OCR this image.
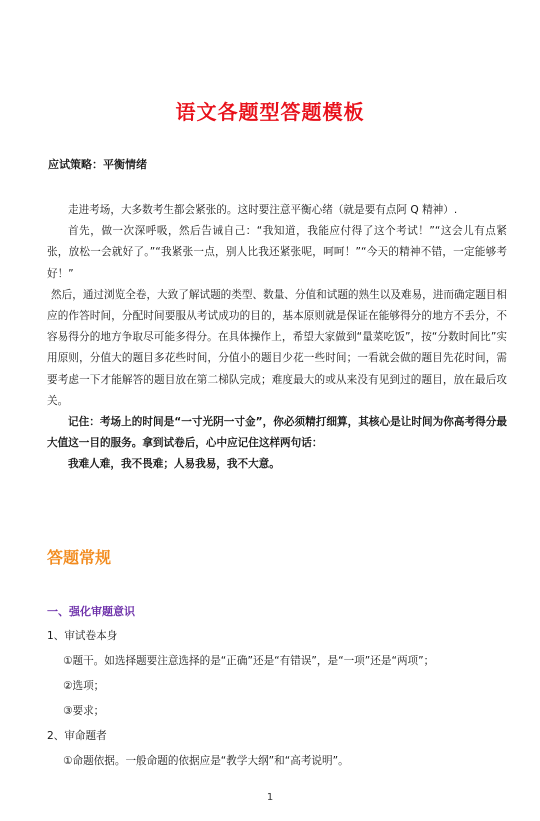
语文各题型答题模板
应试策略：平衡情绪

走进考场，大多数考生都会紧张的。这时要注意平衡心绪（就是要有点阿 Q 精神）.

首先，做一次深呼吸，然后告诫自己：“我知道，我能应付得了这个考试！”“这会儿有点紧张，放松一会就好了。”“我紧张一点，别人比我还紧张呢，呵呵！”“今天的精神不错，一定能够考好！”

然后，通过浏览全卷，大致了解试题的类型、数量、分值和试题的熟生以及难易，进而确定题目相应的作答时间，分配时间要服从考试成功的目的，基本原则就是保证在能够得分的地方不丢分，不容易得分的地方争取尽可能多得分。在具体操作上，希望大家做到“量菜吃饭”，按“分数时间比”实用原则，分值大的题目多花些时间，分值小的题目少花一些时间；一看就会做的题目先花时间，需要考虑一下才能解答的题目放在第二梯队完成；难度最大的或从来没有见到过的题目，放在最后攻关。

记住：考场上的时间是“一寸光阴一寸金”，你必须精打细算，其核心是让时间为你高考得分最大值这一目的服务。拿到试卷后，心中应记住这样两句话：

我难人难，我不畏难；人易我易，我不大意。

答题常规
一、强化审题意识

1、审试卷本身

①题干。如选择题要注意选择的是“正确”还是“有错误”，是“一项”还是“两项”；

②选项；

③要求；

2、审命题者

①命题依据。一般命题的依据应是“教学大纲”和“高考说明”。

1
